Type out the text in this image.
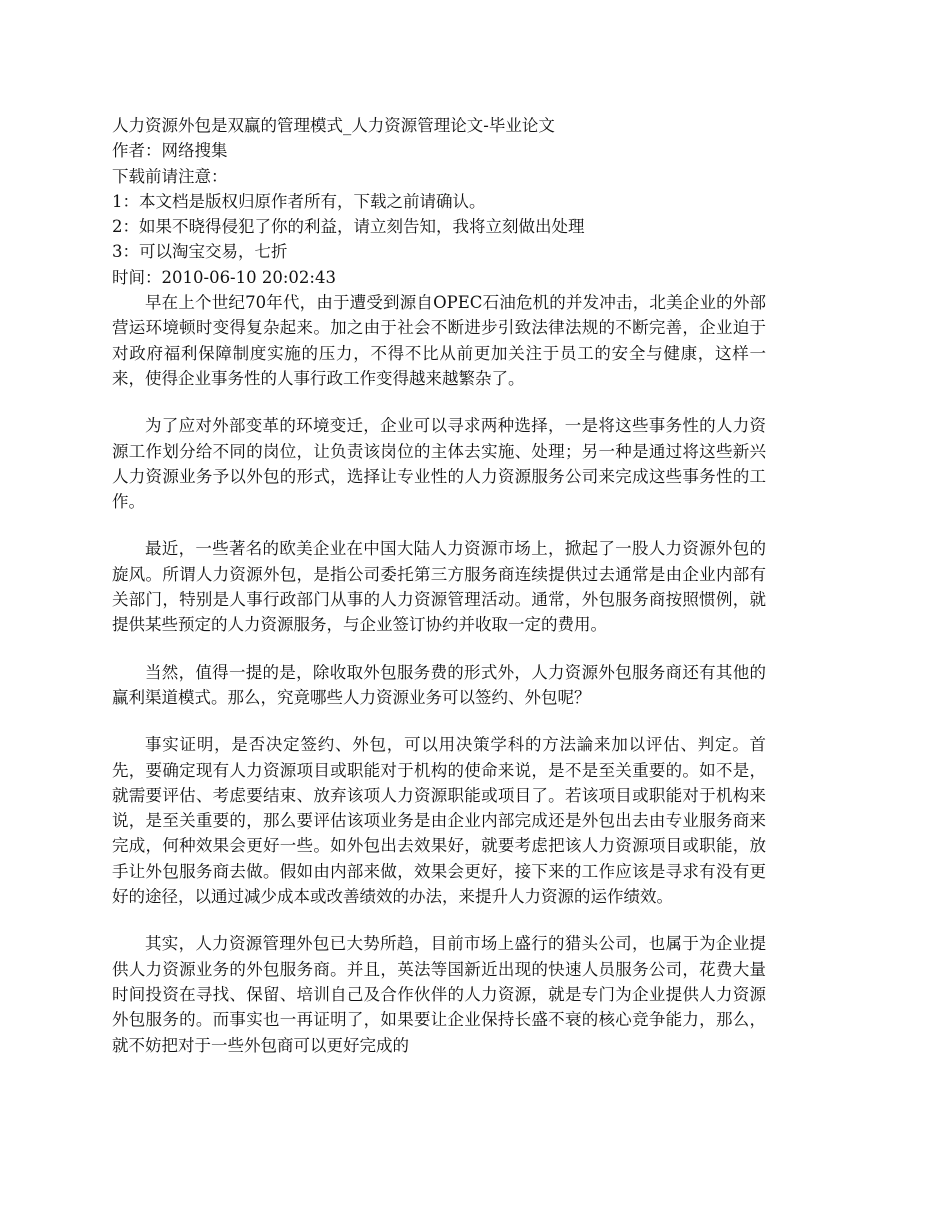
人力资源外包是双赢的管理模式_人力资源管理论文-毕业论文

作者：网络搜集

下载前请注意：

1：本文档是版权归原作者所有，下载之前请确认。

2：如果不晓得侵犯了你的利益，请立刻告知，我将立刻做出处理

3：可以淘宝交易，七折

时间：2010-06-10 20:02:43

早在上个世纪70年代，由于遭受到源自OPEC石油危机的并发冲击，北美企业的外部营运环境顿时变得复杂起来。加之由于社会不断进步引致法律法规的不断完善，企业迫于对政府福利保障制度实施的压力，不得不比从前更加关注于员工的安全与健康，这样一来，使得企业事务性的人事行政工作变得越来越繁杂了。

为了应对外部变革的环境变迁，企业可以寻求两种选择，一是将这些事务性的人力资源工作划分给不同的岗位，让负责该岗位的主体去实施、处理；另一种是通过将这些新兴人力资源业务予以外包的形式，选择让专业性的人力资源服务公司来完成这些事务性的工作。

最近，一些著名的欧美企业在中国大陆人力资源市场上，掀起了一股人力资源外包的旋风。所谓人力资源外包，是指公司委托第三方服务商连续提供过去通常是由企业内部有关部门，特别是人事行政部门从事的人力资源管理活动。通常，外包服务商按照惯例，就提供某些预定的人力资源服务，与企业签订协约并收取一定的费用。

当然，值得一提的是，除收取外包服务费的形式外，人力资源外包服务商还有其他的赢利渠道模式。那么，究竟哪些人力资源业务可以签约、外包呢？

事实证明，是否决定签约、外包，可以用决策学科的方法論来加以评估、判定。首先，要确定现有人力资源项目或职能对于机构的使命来说，是不是至关重要的。如不是，就需要评估、考虑要结束、放弃该项人力资源职能或项目了。若该项目或职能对于机构来说，是至关重要的，那么要评估该项业务是由企业内部完成还是外包出去由专业服务商来完成，何种效果会更好一些。如外包出去效果好，就要考虑把该人力资源项目或职能，放手让外包服务商去做。假如由内部来做，效果会更好，接下来的工作应该是寻求有没有更好的途径，以通过减少成本或改善绩效的办法，来提升人力资源的运作绩效。

其实，人力资源管理外包已大势所趋，目前市场上盛行的猎头公司，也属于为企业提供人力资源业务的外包服务商。并且，英法等国新近出现的快速人员服务公司，花费大量时间投资在寻找、保留、培训自己及合作伙伴的人力资源，就是专门为企业提供人力资源外包服务的。而事实也一再证明了，如果要让企业保持长盛不衰的核心竞争能力，那么，就不妨把对于一些外包商可以更好完成的
